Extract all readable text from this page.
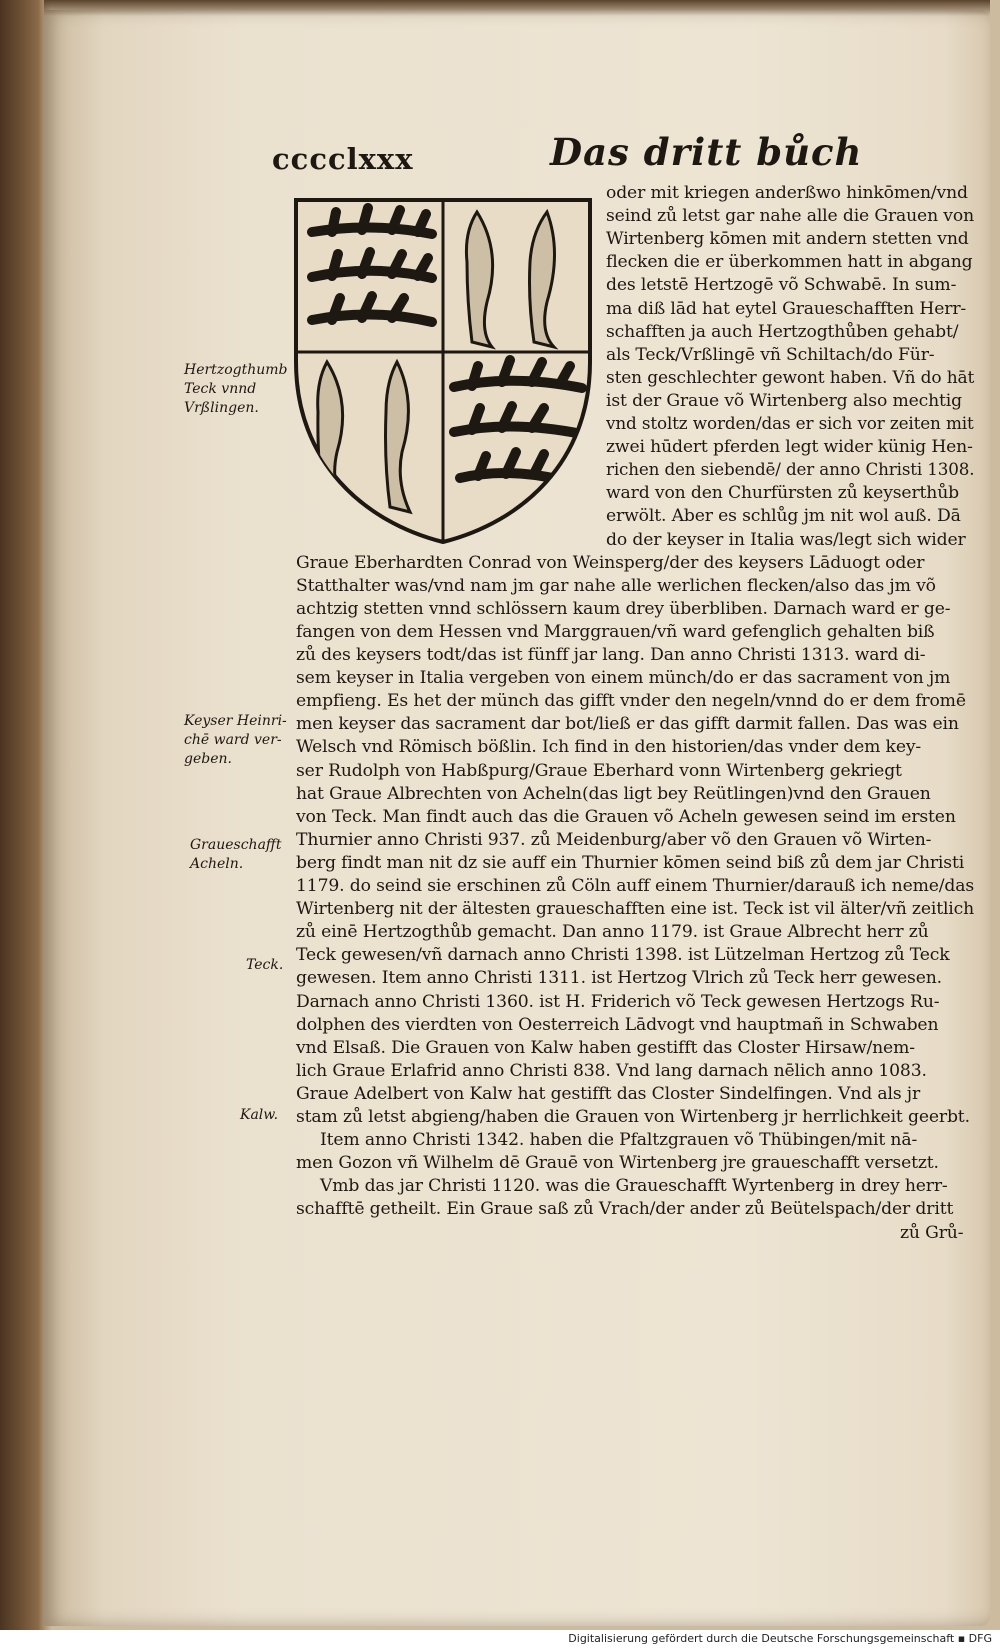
cccclxxx	Das dritt bůch
Hertzogthumb
Teck vnnd
Vrßlingen.
Keyser Heinri-
chē ward ver-
geben.
Graueschafft
Acheln.
Teck.
Kalw.
oder mit kriegen anderßwo hinkōmen/vnd
seind zů letst gar nahe alle die Grauen von
Wirtenberg kōmen mit andern stetten vnd
flecken die er überkommen hatt in abgang
des letstē Hertzogē võ Schwabē. In sum-
ma diß lād hat eytel Graueschafften Herr-
schafften ja auch Hertzogthůben gehabt/
als Teck/Vrßlingē vñ Schiltach/do Für-
sten geschlechter gewont haben. Vñ do hāt
ist der Graue võ Wirtenberg also mechtig
vnd stoltz worden/das er sich vor zeiten mit
zwei hūdert pferden legt wider künig Hen-
richen den siebendē/ der anno Christi 1308.
ward von den Churfürsten zů keyserthůb
erwölt. Aber es schlůg jm nit wol auß. Dā
do der keyser in Italia was/legt sich wider
Graue Eberhardten Conrad von Weinsperg/der des keysers Lāduogt oder
Statthalter was/vnd nam jm gar nahe alle werlichen flecken/also das jm võ
achtzig stetten vnnd schlössern kaum drey überbliben. Darnach ward er ge-
fangen von dem Hessen vnd Marggrauen/vñ ward gefenglich gehalten biß
zů des keysers todt/das ist fünff jar lang. Dan anno Christi 1313. ward di-
sem keyser in Italia vergeben von einem münch/do er das sacrament von jm
empfieng. Es het der münch das gifft vnder den negeln/vnnd do er dem fromē
men keyser das sacrament dar bot/ließ er das gifft darmit fallen. Das was ein
Welsch vnd Römisch bößlin. Ich find in den historien/das vnder dem key-
ser Rudolph von Habßpurg/Graue Eberhard vonn Wirtenberg gekriegt
hat Graue Albrechten von Acheln(das ligt bey Reütlingen)vnd den Grauen
von Teck. Man findt auch das die Grauen võ Acheln gewesen seind im ersten
Thurnier anno Christi 937. zů Meidenburg/aber võ den Grauen võ Wirten-
berg findt man nit dz sie auff ein Thurnier kōmen seind biß zů dem jar Christi
1179. do seind sie erschinen zů Cöln auff einem Thurnier/darauß ich neme/das
Wirtenberg nit der ältesten graueschafften eine ist. Teck ist vil älter/vñ zeitlich
zů einē Hertzogthůb gemacht. Dan anno 1179. ist Graue Albrecht herr zů
Teck gewesen/vñ darnach anno Christi 1398. ist Lützelman Hertzog zů Teck
gewesen. Item anno Christi 1311. ist Hertzog Vlrich zů Teck herr gewesen.
Darnach anno Christi 1360. ist H. Friderich võ Teck gewesen Hertzogs Ru-
dolphen des vierdten von Oesterreich Lādvogt vnd hauptmañ in Schwaben
vnd Elsaß. Die Grauen von Kalw haben gestifft das Closter Hirsaw/nem-
lich Graue Erlafrid anno Christi 838. Vnd lang darnach nēlich anno 1083.
Graue Adelbert von Kalw hat gestifft das Closter Sindelfingen. Vnd als jr
stam zů letst abgieng/haben die Grauen von Wirtenberg jr herrlichkeit geerbt.
Item anno Christi 1342. haben die Pfaltzgrauen võ Thübingen/mit nā-
men Gozon vñ Wilhelm dē Grauē von Wirtenberg jre graueschafft versetzt.
Vmb das jar Christi 1120. was die Graueschafft Wyrtenberg in drey herr-
schafftē getheilt. Ein Graue saß zů Vrach/der ander zů Beütelspach/der dritt
zů Grů-
Digitalisierung gefördert durch die Deutsche Forschungsgemeinschaft ▪ DFG
